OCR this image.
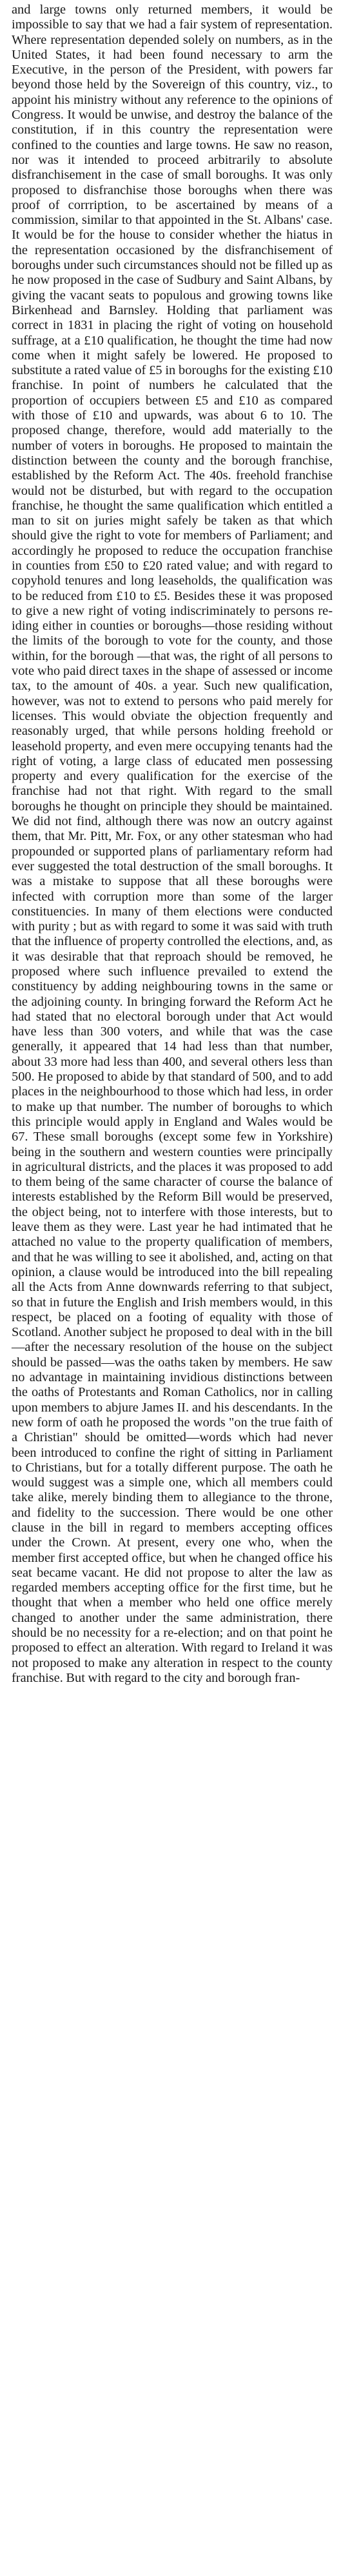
and large towns only returned members, it would be impossible to say that we had a fair system of representation. Where representation depended solely on numbers, as in the United States, it had been found necessary to arm the Executive, in the person of the President, with powers far beyond those held by the Sovereign of this country, viz., to appoint his ministry without any reference to the opinions of Congress. It would be unwise, and destroy the balance of the constitution, if in this country the representation were confined to the counties and large towns. He saw no reason, nor was it intended to proceed arbitrarily to absolute disfranchisement in the case of small boroughs. It was only proposed to disfranchise those boroughs when there was proof of corrription, to be ascertained by means of a commission, similar to that appointed in the St. Albans' case. It would be for the house to consider whether the hiatus in the representation occasioned by the disfranchisement of boroughs under such circumstances should not be filled up as he now proposed in the case of Sudbury and Saint Albans, by giving the vacant seats to populous and growing towns like Birkenhead and Barnsley. Holding that parliament was correct in 1831 in placing the right of voting on household suffrage, at a £10 qualification, he thought the time had now come when it might safely be lowered. He proposed to substitute a rated value of £5 in boroughs for the existing £10 franchise. In point of numbers he calculated that the proportion of occupiers between £5 and £10 as compared with those of £10 and upwards, was about 6 to 10. The proposed change, therefore, would add materially to the number of voters in boroughs. He proposed to maintain the distinction between the county and the borough franchise, established by the Reform Act. The 40s. freehold franchise would not be disturbed, but with regard to the occupation franchise, he thought the same qualification which entitled a man to sit on juries might safely be taken as that which should give the right to vote for members of Parliament; and accordingly he proposed to reduce the occupation franchise in counties from £50 to £20 rated value; and with regard to copyhold tenures and long leaseholds, the qualification was to be reduced from £10 to £5. Besides these it was proposed to give a new right of voting indiscriminately to persons re-iding either in counties or boroughs—those residing without the limits of the borough to vote for the county, and those within, for the borough —that was, the right of all persons to vote who paid direct taxes in the shape of assessed or income tax, to the amount of 40s. a year. Such new qualification, however, was not to extend to persons who paid merely for licenses. This would obviate the objection frequently and reasonably urged, that while persons holding freehold or leasehold property, and even mere occupying tenants had the right of voting, a large class of educated men possessing property and every qualification for the exercise of the franchise had not that right. With regard to the small boroughs he thought on principle they should be maintained. We did not find, although there was now an outcry against them, that Mr. Pitt, Mr. Fox, or any other statesman who had propounded or supported plans of parliamentary reform had ever suggested the total destruction of the small boroughs. It was a mistake to suppose that all these boroughs were infected with corruption more than some of the larger constituencies. In many of them elections were conducted with purity ; but as with regard to some it was said with truth that the influence of property controlled the elections, and, as it was desirable that that reproach should be removed, he proposed where such influence prevailed to extend the constituency by adding neighbouring towns in the same or the adjoining county. In bringing forward the Reform Act he had stated that no electoral borough under that Act would have less than 300 voters, and while that was the case generally, it appeared that 14 had less than that number, about 33 more had less than 400, and several others less than 500. He proposed to abide by that standard of 500, and to add places in the neighbourhood to those which had less, in order to make up that number. The number of boroughs to which this principle would apply in England and Wales would be 67. These small boroughs (except some few in Yorkshire) being in the southern and western counties were principally in agricultural districts, and the places it was proposed to add to them being of the same character of course the balance of interests established by the Reform Bill would be preserved, the object being, not to interfere with those interests, but to leave them as they were. Last year he had intimated that he attached no value to the property qualification of members, and that he was willing to see it abolished, and, acting on that opinion, a clause would be introduced into the bill repealing all the Acts from Anne downwards referring to that subject, so that in future the English and Irish members would, in this respect, be placed on a footing of equality with those of Scotland. Another subject he proposed to deal with in the bill—after the necessary resolution of the house on the subject should be passed—was the oaths taken by members. He saw no advantage in maintaining invidious distinctions between the oaths of Protestants and Roman Catholics, nor in calling upon members to abjure James II. and his descendants. In the new form of oath he proposed the words "on the true faith of a Christian" should be omitted—words which had never been introduced to confine the right of sitting in Parliament to Christians, but for a totally different purpose. The oath he would suggest was a simple one, which all members could take alike, merely binding them to allegiance to the throne, and fidelity to the succession. There would be one other clause in the bill in regard to members accepting offices under the Crown. At present, every one who, when the member first accepted office, but when he changed office his seat became vacant. He did not propose to alter the law as regarded members accepting office for the first time, but he thought that when a member who held one office merely changed to another under the same administration, there should be no necessity for a re-election; and on that point he proposed to effect an alteration. With regard to Ireland it was not proposed to make any alteration in respect to the county franchise. But with regard to the city and borough fran-
